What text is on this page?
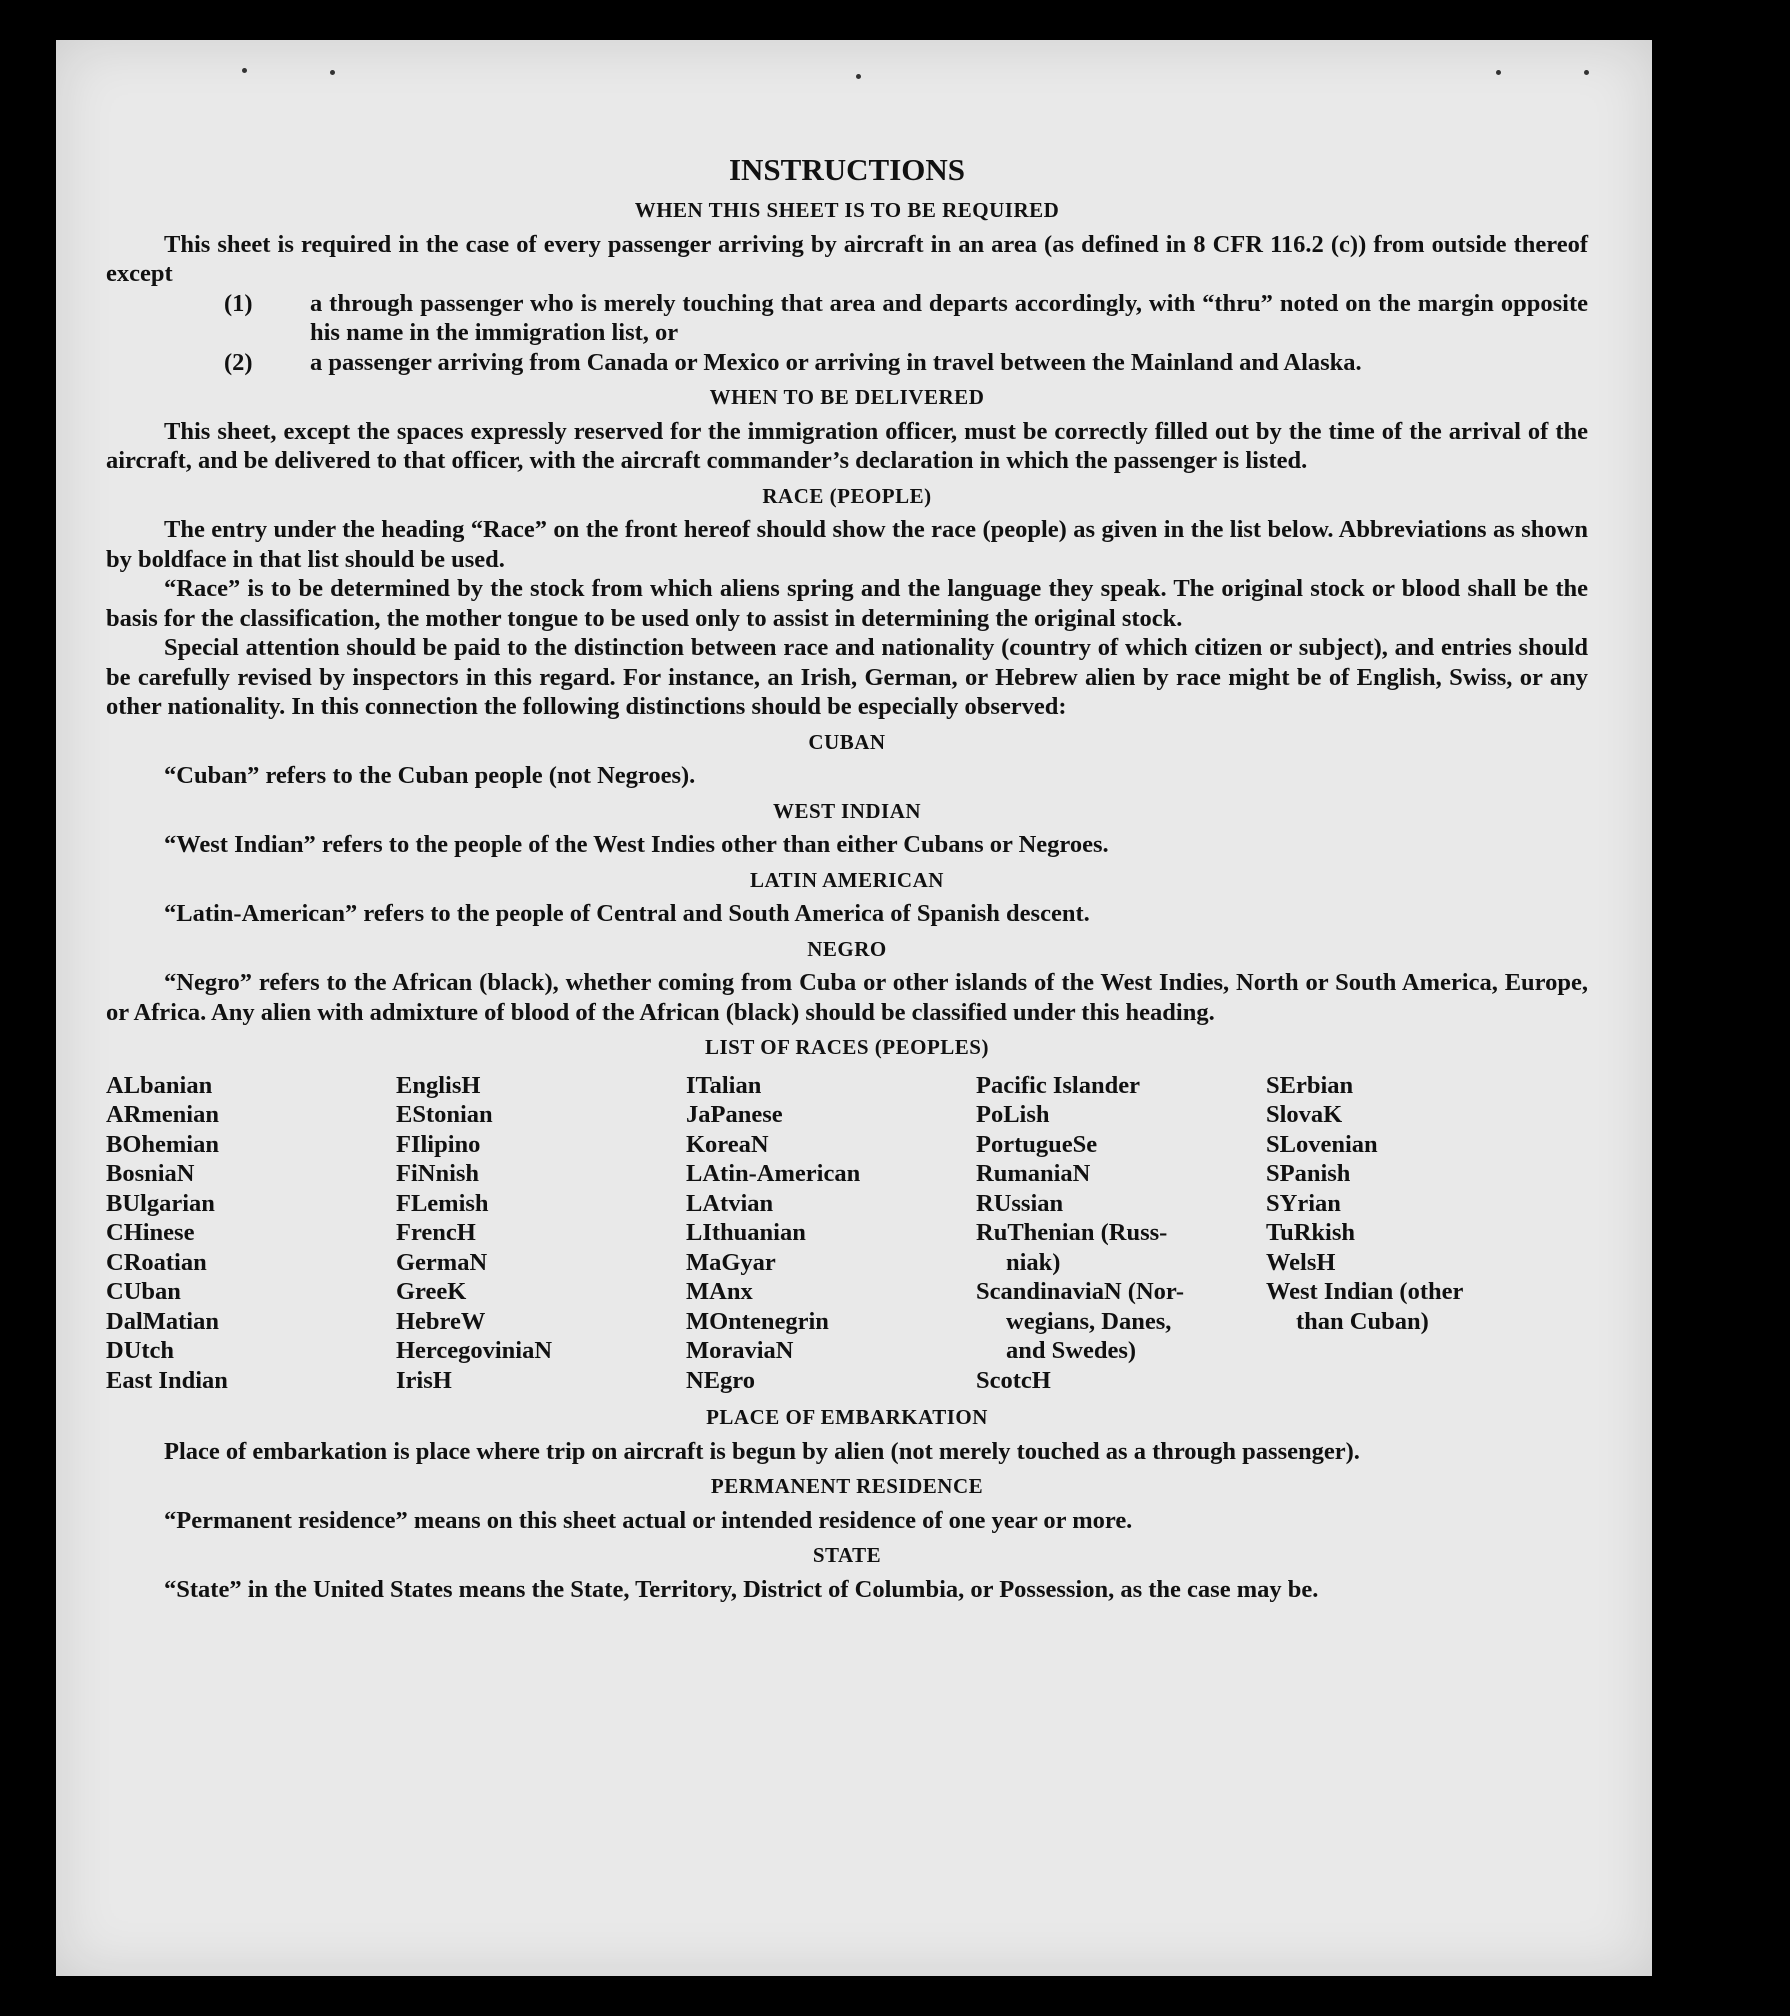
INSTRUCTIONS
WHEN THIS SHEET IS TO BE REQUIRED

This sheet is required in the case of every passenger arriving by aircraft in an area (as defined in 8 CFR 116.2 (c)) from outside thereof except

(1) a through passenger who is merely touching that area and departs accordingly, with “thru” noted on the margin opposite his name in the immigration list, or

(2) a passenger arriving from Canada or Mexico or arriving in travel between the Mainland and Alaska.

WHEN TO BE DELIVERED

This sheet, except the spaces expressly reserved for the immigration officer, must be correctly filled out by the time of the arrival of the aircraft, and be delivered to that officer, with the aircraft commander’s declaration in which the passenger is listed.

RACE (PEOPLE)

The entry under the heading “Race” on the front hereof should show the race (people) as given in the list below. Abbreviations as shown by boldface in that list should be used.

“Race” is to be determined by the stock from which aliens spring and the language they speak. The original stock or blood shall be the basis for the classification, the mother tongue to be used only to assist in determining the original stock.

Special attention should be paid to the distinction between race and nationality (country of which citizen or subject), and entries should be carefully revised by inspectors in this regard. For instance, an Irish, German, or Hebrew alien by race might be of English, Swiss, or any other nationality. In this connection the following distinctions should be especially observed:

CUBAN

“Cuban” refers to the Cuban people (not Negroes).

WEST INDIAN

“West Indian” refers to the people of the West Indies other than either Cubans or Negroes.

LATIN AMERICAN

“Latin-American” refers to the people of Central and South America of Spanish descent.

NEGRO

“Negro” refers to the African (black), whether coming from Cuba or other islands of the West Indies, North or South America, Europe, or Africa. Any alien with admixture of blood of the African (black) should be classified under this heading.

LIST OF RACES (PEOPLES)
ALbanian
ARmenian
BOhemian
BosniaN
BUlgarian
CHinese
CRoatian
CUban
DalMatian
DUtch
East Indian
EnglisH
EStonian
FIlipino
FiNnish
FLemish
FrencH
GermaN
GreeK
HebreW
HercegoviniaN
IrisH
ITalian
JaPanese
KoreaN
LAtin-American
LAtvian
LIthuanian
MaGyar
MAnx
MOntenegrin
MoraviaN
NEgro
Pacific Islander
PoLish
PortugueSe
RumaniaN
RUssian
RuThenian (Russ-
niak)
ScandinaviaN (Nor-
wegians, Danes,
and Swedes)
ScotcH
SErbian
SlovaK
SLovenian
SPanish
SYrian
TuRkish
WelsH
West Indian (other
than Cuban)
PLACE OF EMBARKATION

Place of embarkation is place where trip on aircraft is begun by alien (not merely touched as a through passenger).

PERMANENT RESIDENCE

“Permanent residence” means on this sheet actual or intended residence of one year or more.

STATE

“State” in the United States means the State, Territory, District of Columbia, or Possession, as the case may be.
